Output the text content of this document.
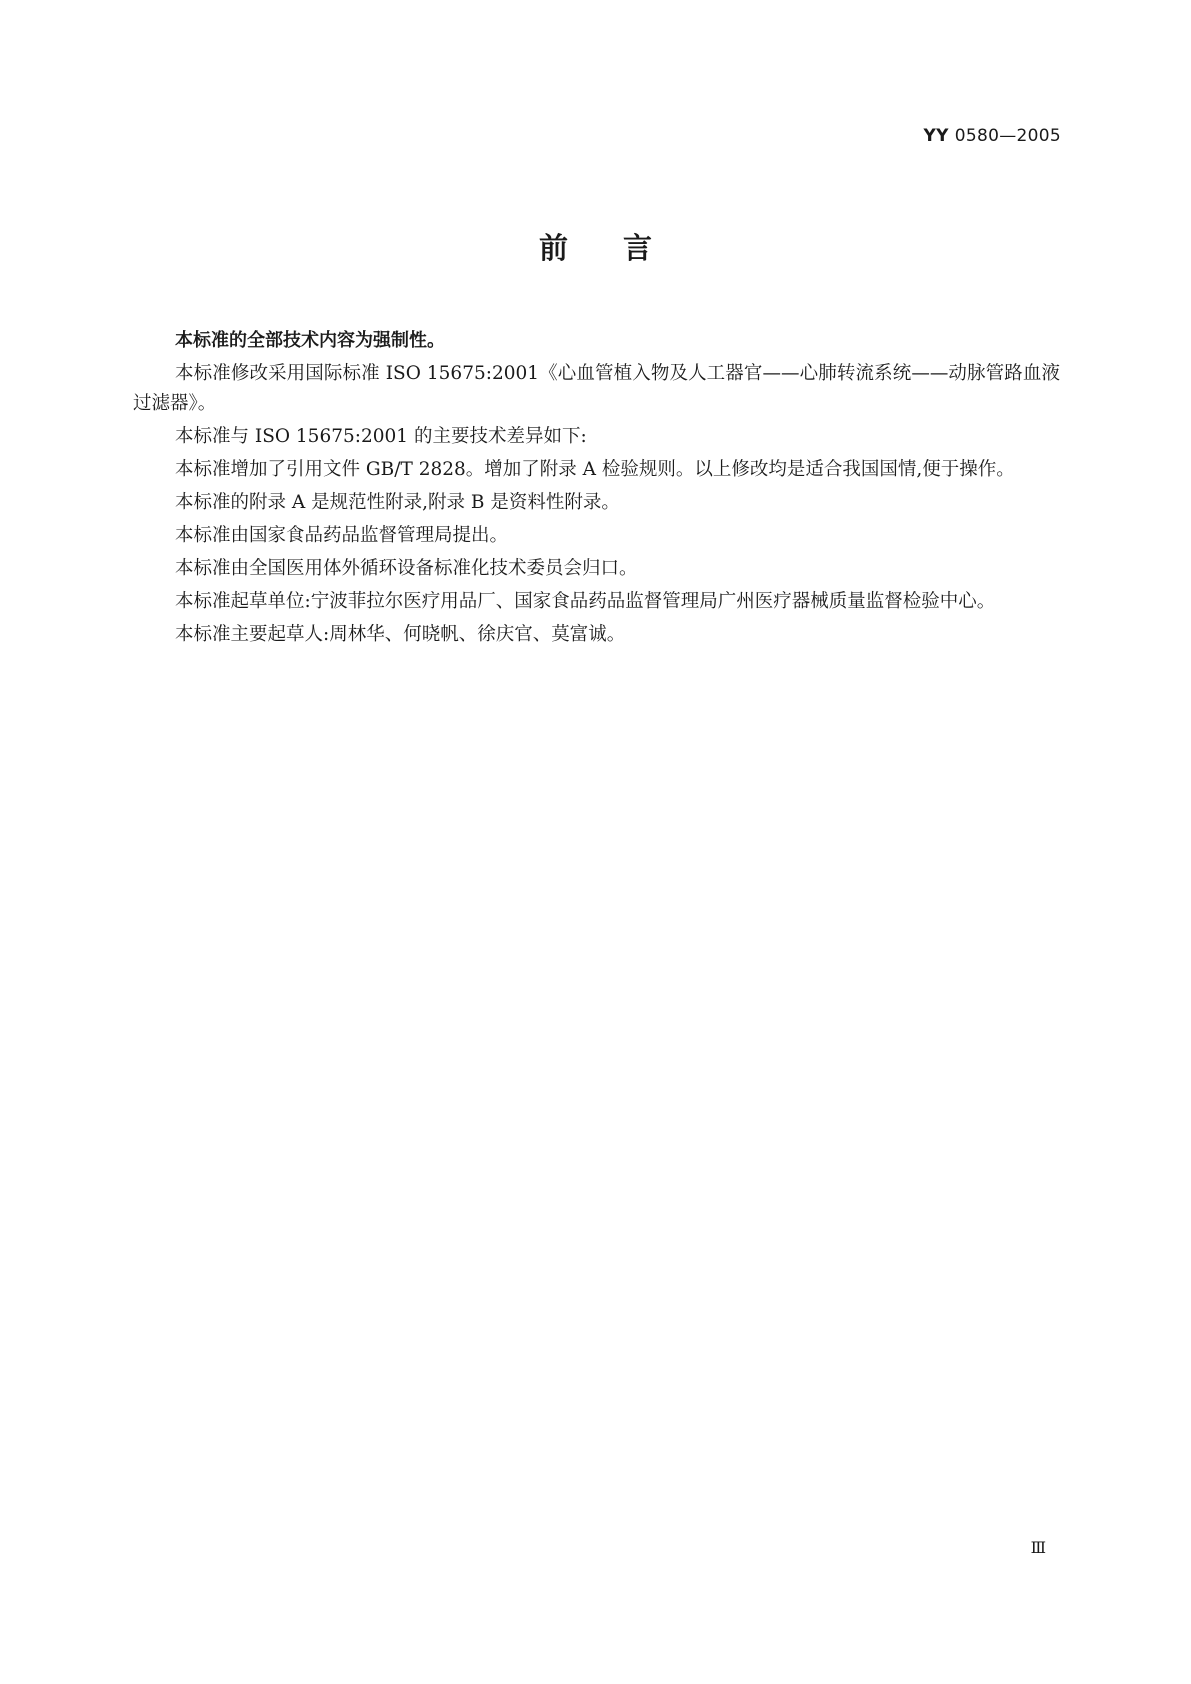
YY 0580—2005
前言

本标准的全部技术内容为强制性。

本标准修改采用国际标准 ISO 15675:2001《心血管植入物及人工器官——心肺转流系统——动脉管路血液过滤器》。

本标准与 ISO 15675:2001 的主要技术差异如下:

本标准增加了引用文件 GB/T 2828。增加了附录 A 检验规则。以上修改均是适合我国国情,便于操作。

本标准的附录 A 是规范性附录,附录 B 是资料性附录。

本标准由国家食品药品监督管理局提出。

本标准由全国医用体外循环设备标准化技术委员会归口。

本标准起草单位:宁波菲拉尔医疗用品厂、国家食品药品监督管理局广州医疗器械质量监督检验中心。

本标准主要起草人:周林华、何晓帆、徐庆官、莫富诚。

Ⅲ
